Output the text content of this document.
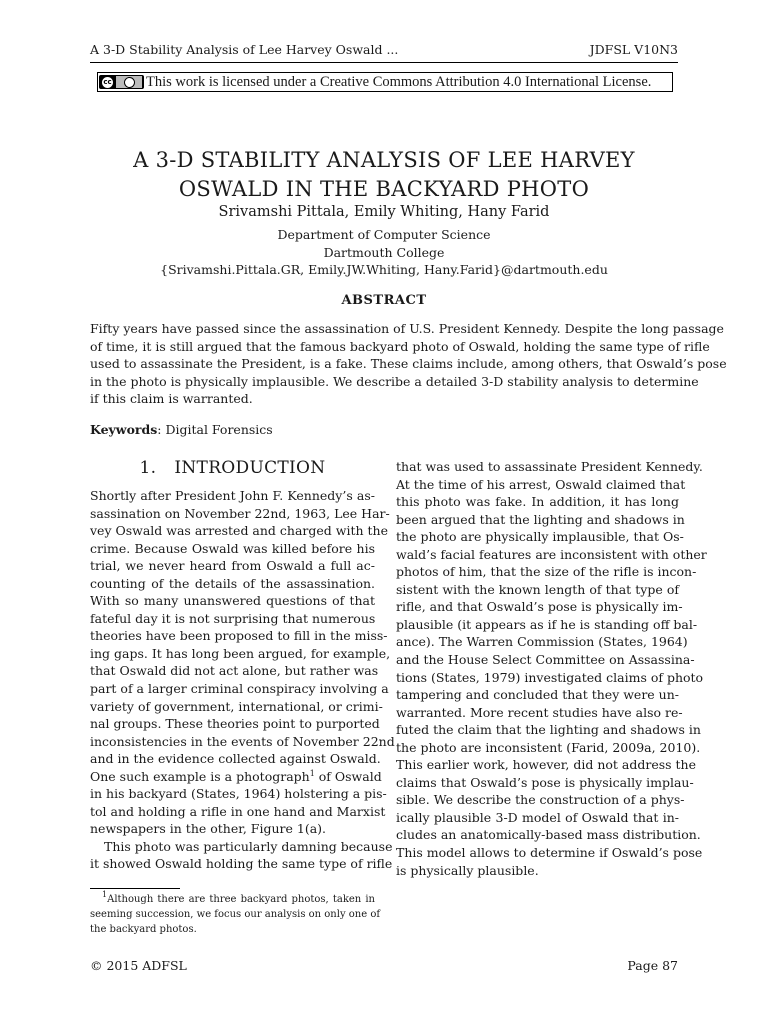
A 3-D Stability Analysis of Lee Harvey Oswald ...	JDFSL V10N3
cc This work is licensed under a Creative Commons Attribution 4.0 International License.
A 3-D STABILITY ANALYSIS OF LEE HARVEY
OSWALD IN THE BACKYARD PHOTO
Srivamshi Pittala, Emily Whiting, Hany Farid
Department of Computer Science
Dartmouth College
{Srivamshi.Pittala.GR, Emily.JW.Whiting, Hany.Farid}@dartmouth.edu
ABSTRACT
Fifty years have passed since the assassination of U.S. President Kennedy. Despite the long passage
of time, it is still argued that the famous backyard photo of Oswald, holding the same type of rifle
used to assassinate the President, is a fake. These claims include, among others, that Oswald’s pose
in the photo is physically implausible. We describe a detailed 3-D stability analysis to determine
if this claim is warranted.
Keywords: Digital Forensics
1. INTRODUCTION
Shortly after President John F. Kennedy’s as-
sassination on November 22nd, 1963, Lee Har-
vey Oswald was arrested and charged with the
crime. Because Oswald was killed before his
trial, we never heard from Oswald a full ac-
counting of the details of the assassination.
With so many unanswered questions of that
fateful day it is not surprising that numerous
theories have been proposed to fill in the miss-
ing gaps. It has long been argued, for example,
that Oswald did not act alone, but rather was
part of a larger criminal conspiracy involving a
variety of government, international, or crimi-
nal groups. These theories point to purported
inconsistencies in the events of November 22nd
and in the evidence collected against Oswald.
One such example is a photograph$^1$ of Oswald
in his backyard (States, 1964) holstering a pis-
tol and holding a rifle in one hand and Marxist
newspapers in the other, Figure 1(a).
This photo was particularly damning because
it showed Oswald holding the same type of rifle
that was used to assassinate President Kennedy.
At the time of his arrest, Oswald claimed that
this photo was fake. In addition, it has long
been argued that the lighting and shadows in
the photo are physically implausible, that Os-
wald’s facial features are inconsistent with other
photos of him, that the size of the rifle is incon-
sistent with the known length of that type of
rifle, and that Oswald’s pose is physically im-
plausible (it appears as if he is standing off bal-
ance). The Warren Commission (States, 1964)
and the House Select Committee on Assassina-
tions (States, 1979) investigated claims of photo
tampering and concluded that they were un-
warranted. More recent studies have also re-
futed the claim that the lighting and shadows in
the photo are inconsistent (Farid, 2009a, 2010).
This earlier work, however, did not address the
claims that Oswald’s pose is physically implau-
sible. We describe the construction of a phys-
ically plausible 3-D model of Oswald that in-
cludes an anatomically-based mass distribution.
This model allows to determine if Oswald’s pose
is physically plausible.
$^1$Although there are three backyard photos, taken in
seeming succession, we focus our analysis on only one of
the backyard photos.
© 2015 ADFSL	Page 87
